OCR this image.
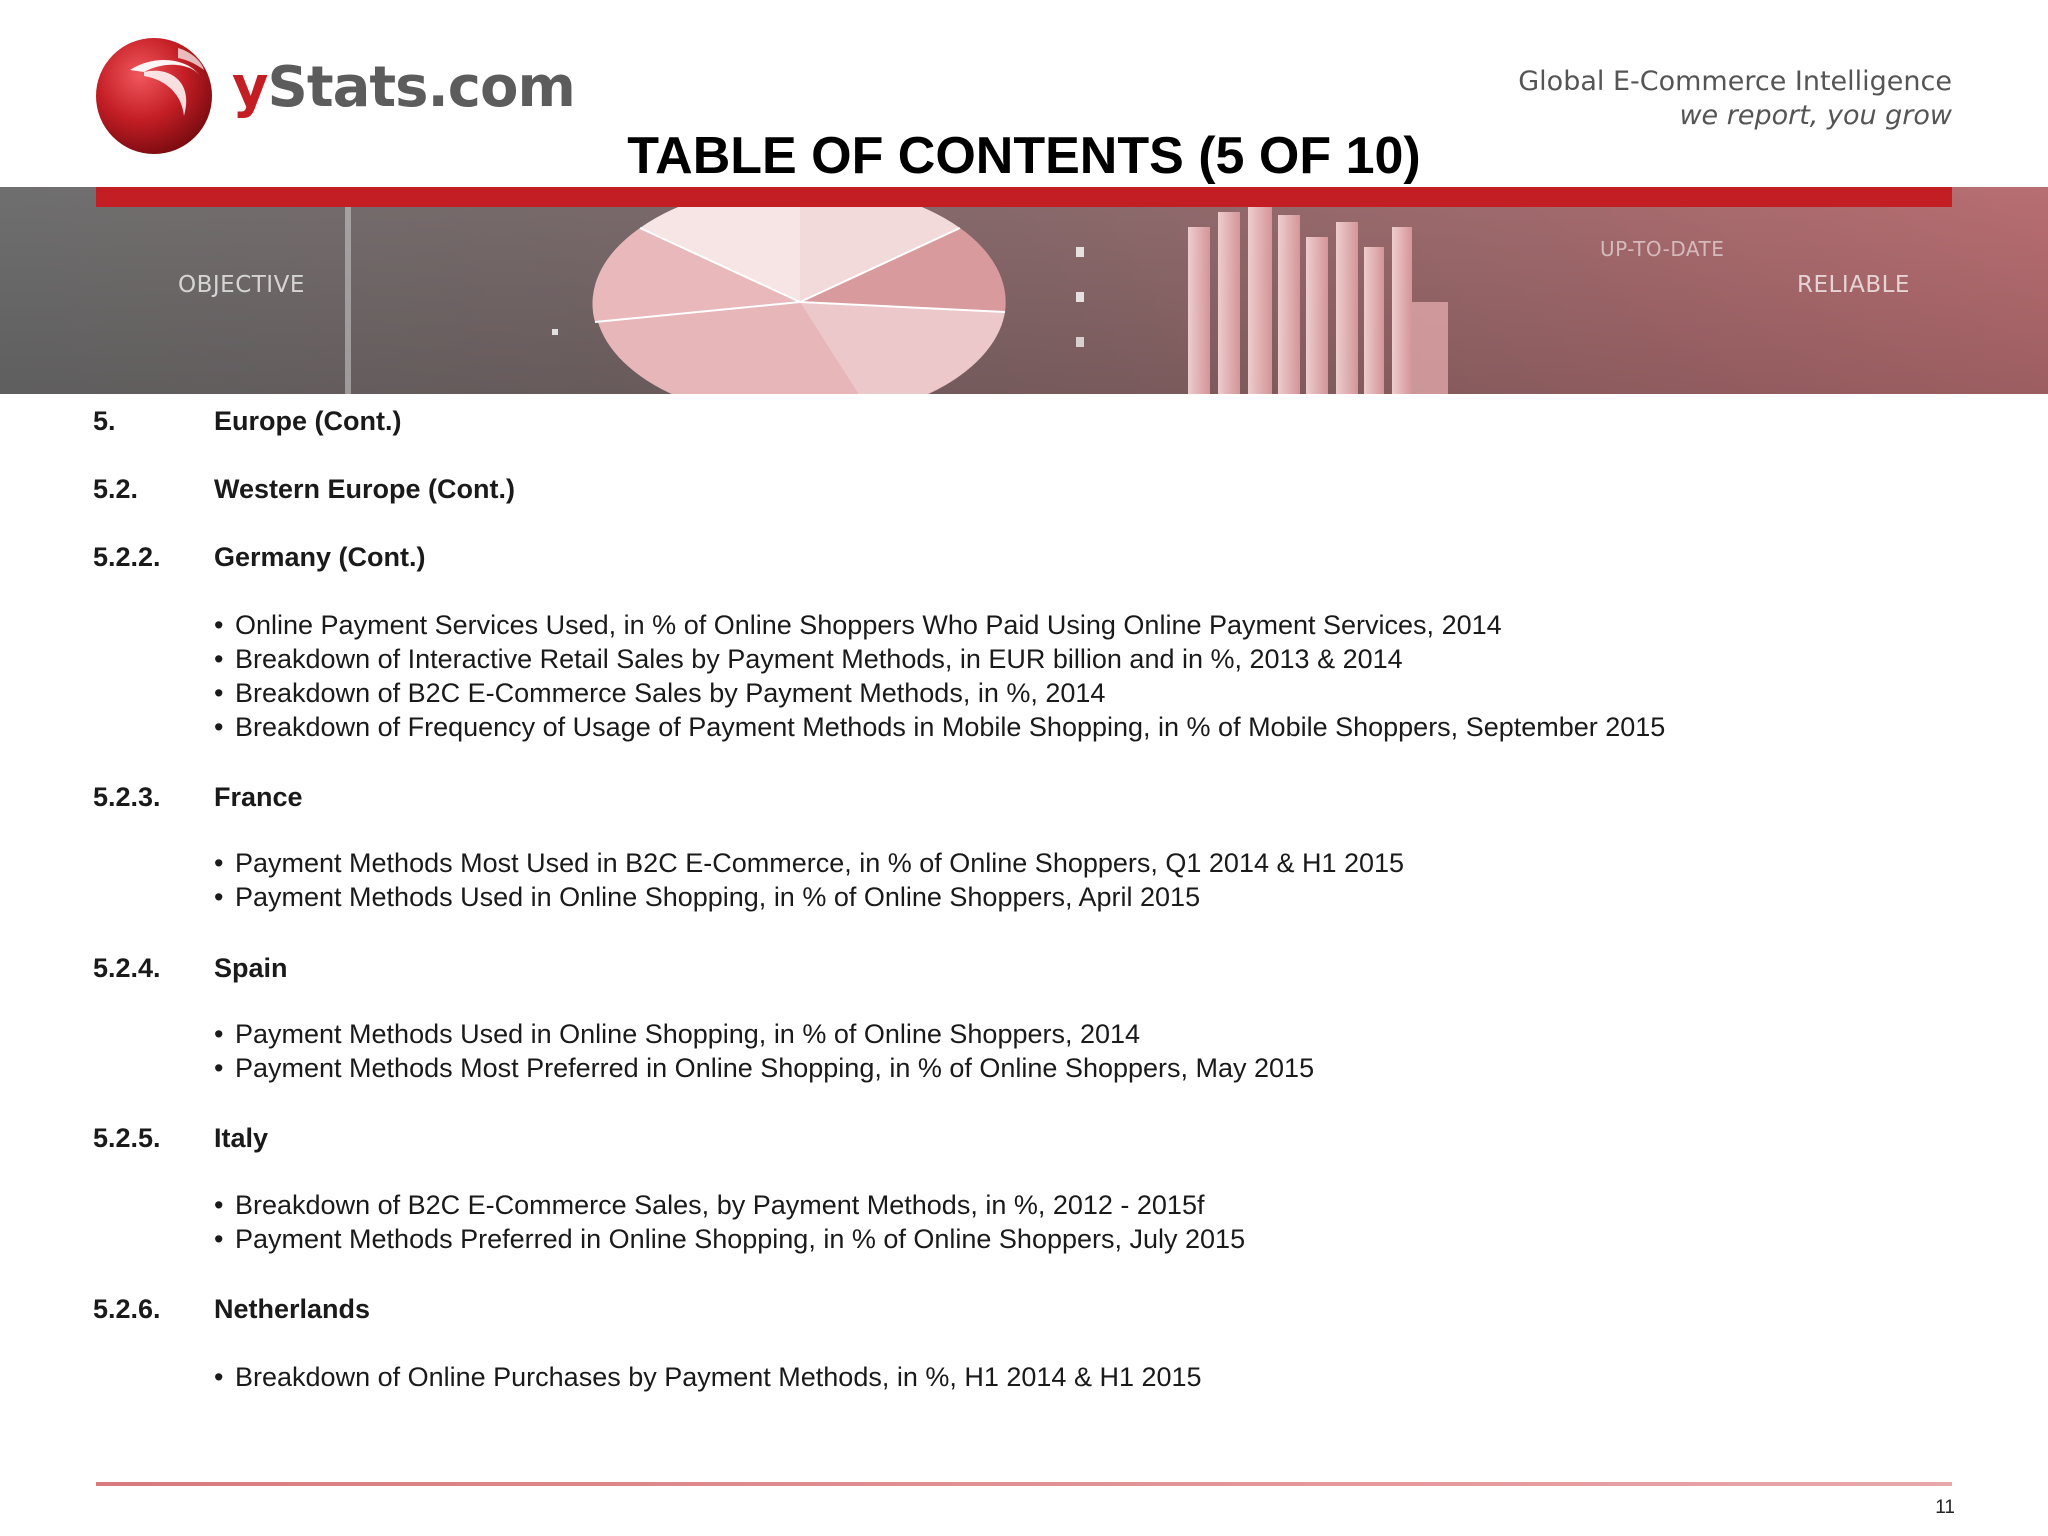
yStats.com	Global E-Commerce Intelligence
we report, you grow
OBJECTIVE
UP-TO-DATE
RELIABLE
TABLE OF CONTENTS (5 OF 10)
5.	Europe (Cont.)
5.2.	Western Europe (Cont.)
5.2.2. Germany (Cont.)
• Online Payment Services Used, in % of Online Shoppers Who Paid Using Online Payment Services, 2014
• Breakdown of Interactive Retail Sales by Payment Methods, in EUR billion and in %, 2013 & 2014
• Breakdown of B2C E-Commerce Sales by Payment Methods, in %, 2014
• Breakdown of Frequency of Usage of Payment Methods in Mobile Shopping, in % of Mobile Shoppers, September 2015
5.2.3. France
• Payment Methods Most Used in B2C E-Commerce, in % of Online Shoppers, Q1 2014 & H1 2015
• Payment Methods Used in Online Shopping, in % of Online Shoppers, April 2015
5.2.4. Spain
• Payment Methods Used in Online Shopping, in % of Online Shoppers, 2014
• Payment Methods Most Preferred in Online Shopping, in % of Online Shoppers, May 2015
5.2.5. Italy
• Breakdown of B2C E-Commerce Sales, by Payment Methods, in %, 2012 - 2015f
• Payment Methods Preferred in Online Shopping, in % of Online Shoppers, July 2015
5.2.6. Netherlands
• Breakdown of Online Purchases by Payment Methods, in %, H1 2014 & H1 2015
11
